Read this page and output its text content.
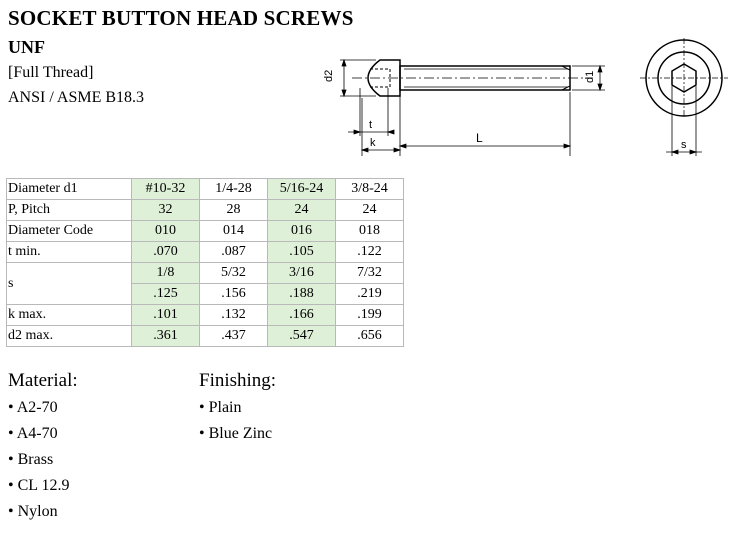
SOCKET BUTTON HEAD SCREWS
UNF
[Full Thread]
ANSI / ASME B18.3
d2	d1
t
k	L	s
Diameter d1	#10-32	1/4-28	5/16-24	3/8-24
P, Pitch	32	28	24	24
Diameter Code	010	014	016	018
t min.	.070	.087	.105	.122
s	1/8	5/32	3/16	7/32
	.125	.156	.188	.219
k max.	.101	.132	.166	.199
d2 max.	.361	.437	.547	.656
Material:
• A2-70
• A4-70
• Brass
• CL 12.9
• Nylon
Finishing:
• Plain
• Blue Zinc
